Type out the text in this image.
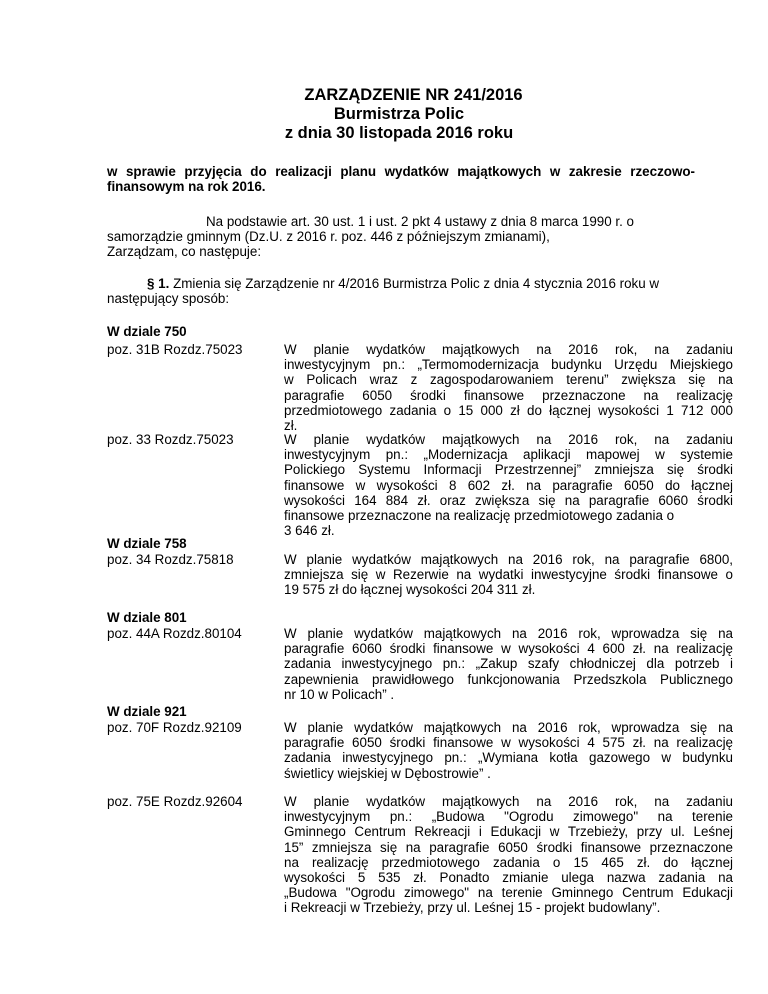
ZARZĄDZENIE NR 241/2016
Burmistrza Polic
z dnia 30 listopada 2016 roku
w sprawie przyjęcia do realizacji planu wydatków majątkowych w zakresie rzeczowo-
finansowym na rok 2016.
Na podstawie art. 30 ust. 1 i ust. 2 pkt 4 ustawy z dnia 8 marca 1990 r. o
samorządzie gminnym (Dz.U. z 2016 r. poz. 446 z późniejszym zmianami),
Zarządzam, co następuje:
§ 1. Zmienia się Zarządzenie nr 4/2016 Burmistrza Polic z dnia 4 stycznia 2016 roku w
następujący sposób:
W dziale 750
poz. 31B Rozdz.75023	W planie wydatków majątkowych na 2016 rok, na zadaniu
inwestycyjnym pn.: „Termomodernizacja budynku Urzędu Miejskiego
w Policach wraz z zagospodarowaniem terenu” zwiększa się na
paragrafie 6050 środki finansowe przeznaczone na realizację
przedmiotowego zadania o 15 000 zł do łącznej wysokości 1 712 000
zł.
poz. 33 Rozdz.75023	W planie wydatków majątkowych na 2016 rok, na zadaniu
inwestycyjnym pn.: „Modernizacja aplikacji mapowej w systemie
Polickiego Systemu Informacji Przestrzennej” zmniejsza się środki
finansowe w wysokości 8 602 zł. na paragrafie 6050 do łącznej
wysokości 164 884 zł. oraz zwiększa się na paragrafie 6060 środki
finansowe przeznaczone na realizację przedmiotowego zadania o
3 646 zł.
W dziale 758
poz. 34 Rozdz.75818	W planie wydatków majątkowych na 2016 rok, na paragrafie 6800,
zmniejsza się w Rezerwie na wydatki inwestycyjne środki finansowe o
19 575 zł do łącznej wysokości 204 311 zł.
W dziale 801
poz. 44A Rozdz.80104	W planie wydatków majątkowych na 2016 rok, wprowadza się na
paragrafie 6060 środki finansowe w wysokości 4 600 zł. na realizację
zadania inwestycyjnego pn.: „Zakup szafy chłodniczej dla potrzeb i
zapewnienia prawidłowego funkcjonowania Przedszkola Publicznego
nr 10 w Policach” .
W dziale 921
poz. 70F Rozdz.92109	W planie wydatków majątkowych na 2016 rok, wprowadza się na
paragrafie 6050 środki finansowe w wysokości 4 575 zł. na realizację
zadania inwestycyjnego pn.: „Wymiana kotła gazowego w budynku
świetlicy wiejskiej w Dębostrowie” .
poz. 75E Rozdz.92604	W planie wydatków majątkowych na 2016 rok, na zadaniu
inwestycyjnym pn.: „Budowa "Ogrodu zimowego" na terenie
Gminnego Centrum Rekreacji i Edukacji w Trzebieży, przy ul. Leśnej
15” zmniejsza się na paragrafie 6050 środki finansowe przeznaczone
na realizację przedmiotowego zadania o 15 465 zł. do łącznej
wysokości 5 535 zł. Ponadto zmianie ulega nazwa zadania na
„Budowa "Ogrodu zimowego" na terenie Gminnego Centrum Edukacji
i Rekreacji w Trzebieży, przy ul. Leśnej 15 - projekt budowlany”.
